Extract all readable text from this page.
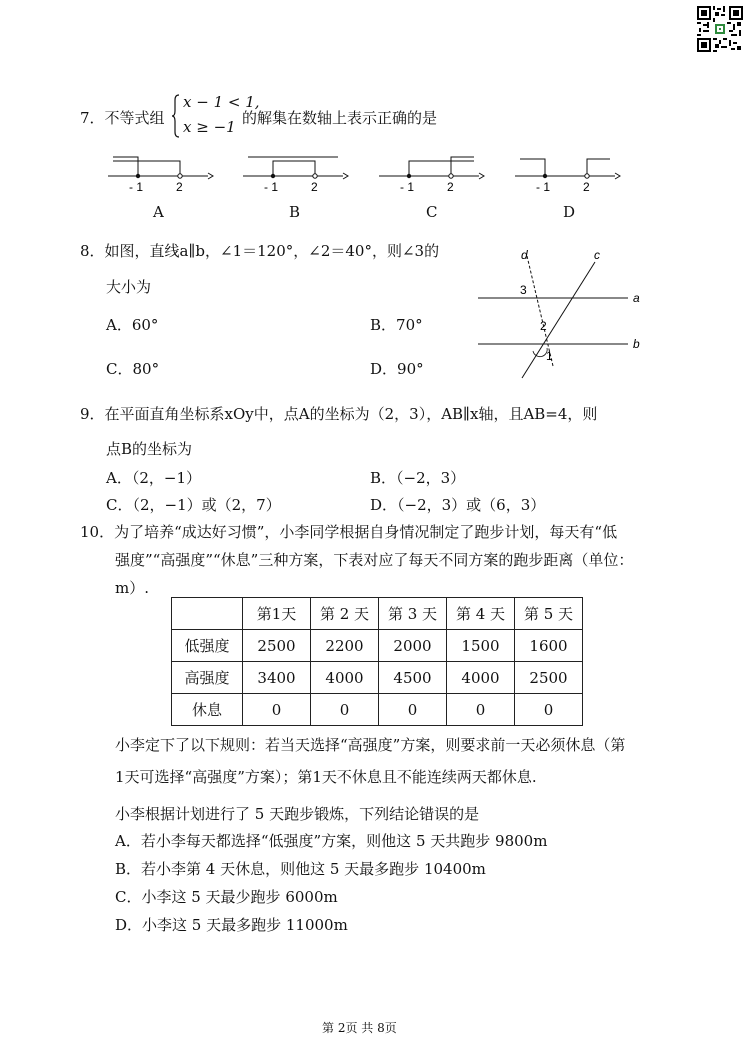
7．不等式组
x − 1 < 1,
x ≥ −1 的解集在数轴上表示正确的是
- 1	2
A
- 1	2
B
- 1	2
C
- 1	2
D
8．如图，直线a∥b，∠1＝120°，∠2＝40°，则∠3的
大小为
A．60°	B．70°
C．80°	D．90°
d	c
a
b
3
2
1
9．在平面直角坐标系xOy中，点A的坐标为（2，3），AB∥x轴，且AB=4，则
点B的坐标为
A．（2，−1）	B．（−2，3）
C．（2，−1）或（2，7）	D．（−2，3）或（6，3）
10．为了培养“成达好习惯”，小李同学根据自身情况制定了跑步计划，每天有“低
强度”“高强度”“休息”三种方案，下表对应了每天不同方案的跑步距离（单位：
m）.
	第1天	第 2 天	第 3 天	第 4 天	第 5 天
低强度	2500	2200	2000	1500	1600
高强度	3400	4000	4500	4000	2500
休息	0	0	0	0	0
小李定下了以下规则：若当天选择“高强度”方案，则要求前一天必须休息（第
1天可选择“高强度”方案）；第1天不休息且不能连续两天都休息.
小李根据计划进行了 5 天跑步锻炼，下列结论错误的是
A．若小李每天都选择“低强度”方案，则他这 5 天共跑步 9800m
B．若小李第 4 天休息，则他这 5 天最多跑步 10400m
C．小李这 5 天最少跑步 6000m
D．小李这 5 天最多跑步 11000m
第 2页 共 8页
